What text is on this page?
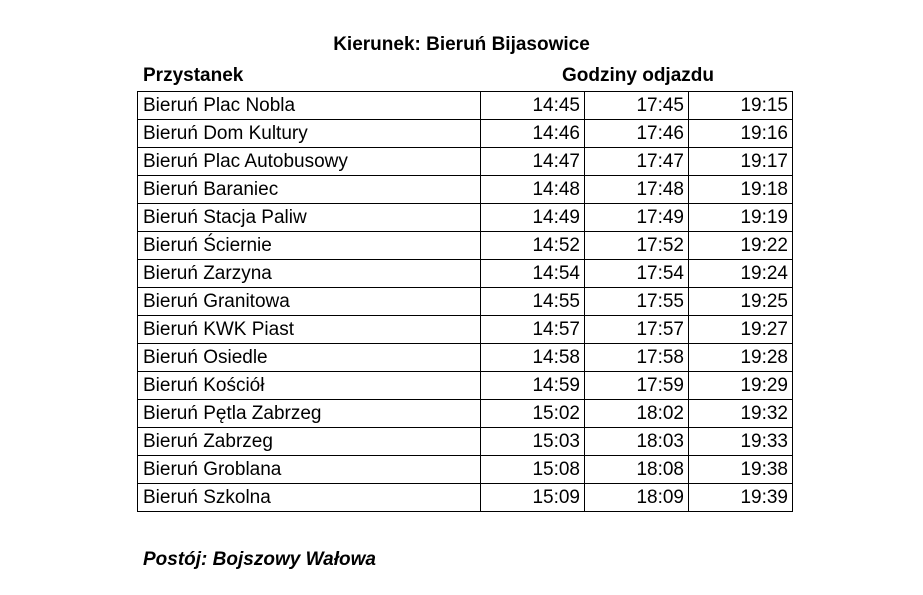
Kierunek: Bieruń Bijasowice
Przystanek	Godziny odjazdu
Bieruń Plac Nobla	14:45	17:45	19:15
Bieruń Dom Kultury	14:46	17:46	19:16
Bieruń Plac Autobusowy	14:47	17:47	19:17
Bieruń Baraniec	14:48	17:48	19:18
Bieruń Stacja Paliw	14:49	17:49	19:19
Bieruń Ściernie	14:52	17:52	19:22
Bieruń Zarzyna	14:54	17:54	19:24
Bieruń Granitowa	14:55	17:55	19:25
Bieruń KWK Piast	14:57	17:57	19:27
Bieruń Osiedle	14:58	17:58	19:28
Bieruń Kościół	14:59	17:59	19:29
Bieruń Pętla Zabrzeg	15:02	18:02	19:32
Bieruń Zabrzeg	15:03	18:03	19:33
Bieruń Groblana	15:08	18:08	19:38
Bieruń Szkolna	15:09	18:09	19:39
Postój: Bojszowy Wałowa
